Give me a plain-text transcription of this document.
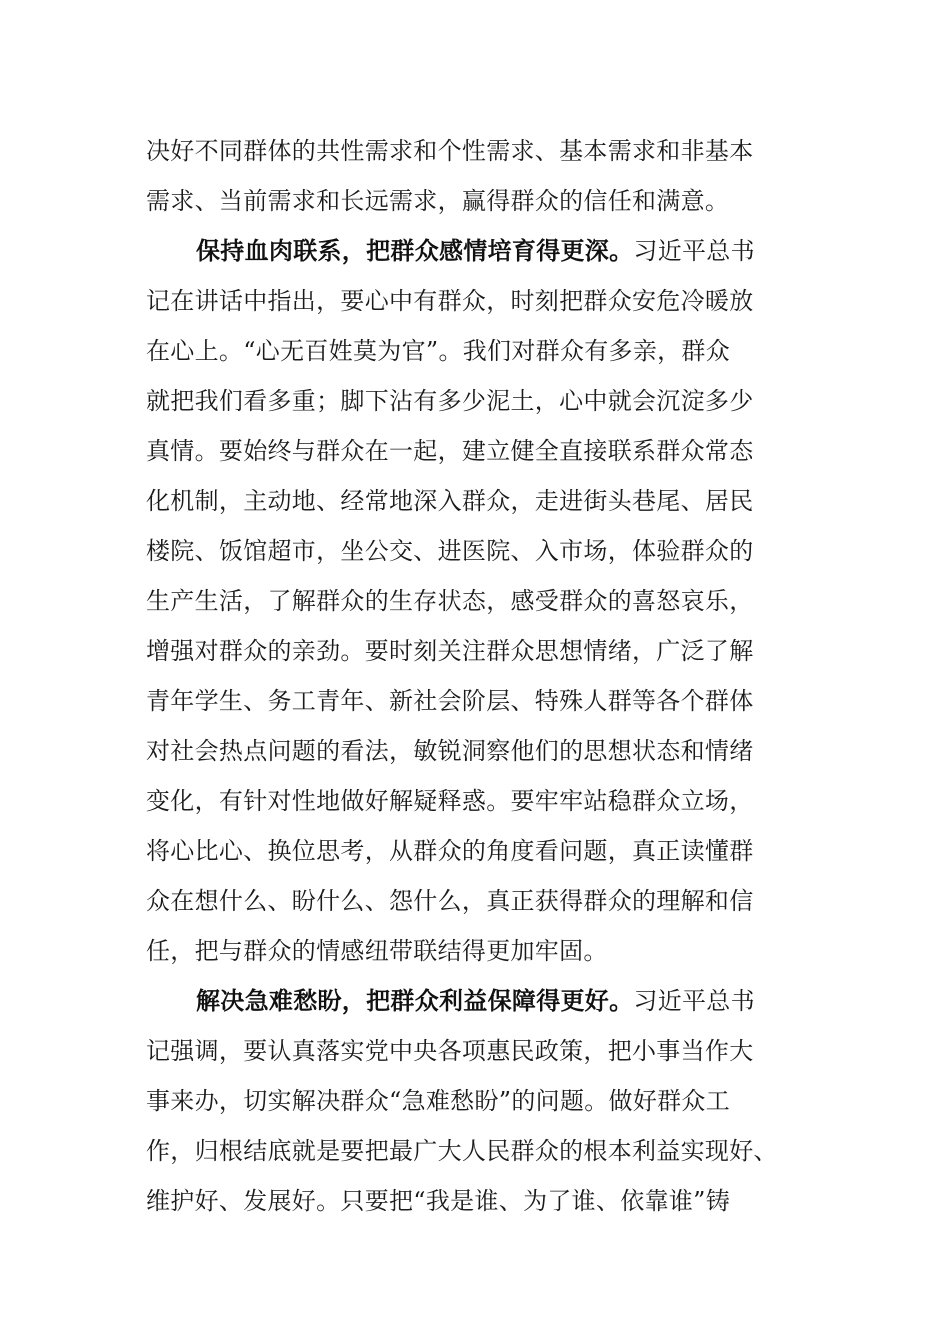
决好不同群体的共性需求和个性需求、基本需求和非基本
需求、当前需求和长远需求，赢得群众的信任和满意。
保持血肉联系，把群众感情培育得更深。习近平总书
记在讲话中指出，要心中有群众，时刻把群众安危冷暖放
在心上。“心无百姓莫为官”。我们对群众有多亲，群众
就把我们看多重；脚下沾有多少泥土，心中就会沉淀多少
真情。要始终与群众在一起，建立健全直接联系群众常态
化机制，主动地、经常地深入群众，走进街头巷尾、居民
楼院、饭馆超市，坐公交、进医院、入市场，体验群众的
生产生活，了解群众的生存状态，感受群众的喜怒哀乐，
增强对群众的亲劲。要时刻关注群众思想情绪，广泛了解
青年学生、务工青年、新社会阶层、特殊人群等各个群体
对社会热点问题的看法，敏锐洞察他们的思想状态和情绪
变化，有针对性地做好解疑释惑。要牢牢站稳群众立场，
将心比心、换位思考，从群众的角度看问题，真正读懂群
众在想什么、盼什么、怨什么，真正获得群众的理解和信
任，把与群众的情感纽带联结得更加牢固。
解决急难愁盼，把群众利益保障得更好。习近平总书
记强调，要认真落实党中央各项惠民政策，把小事当作大
事来办，切实解决群众“急难愁盼”的问题。做好群众工
作，归根结底就是要把最广大人民群众的根本利益实现好、
维护好、发展好。只要把“我是谁、为了谁、依靠谁”铸
